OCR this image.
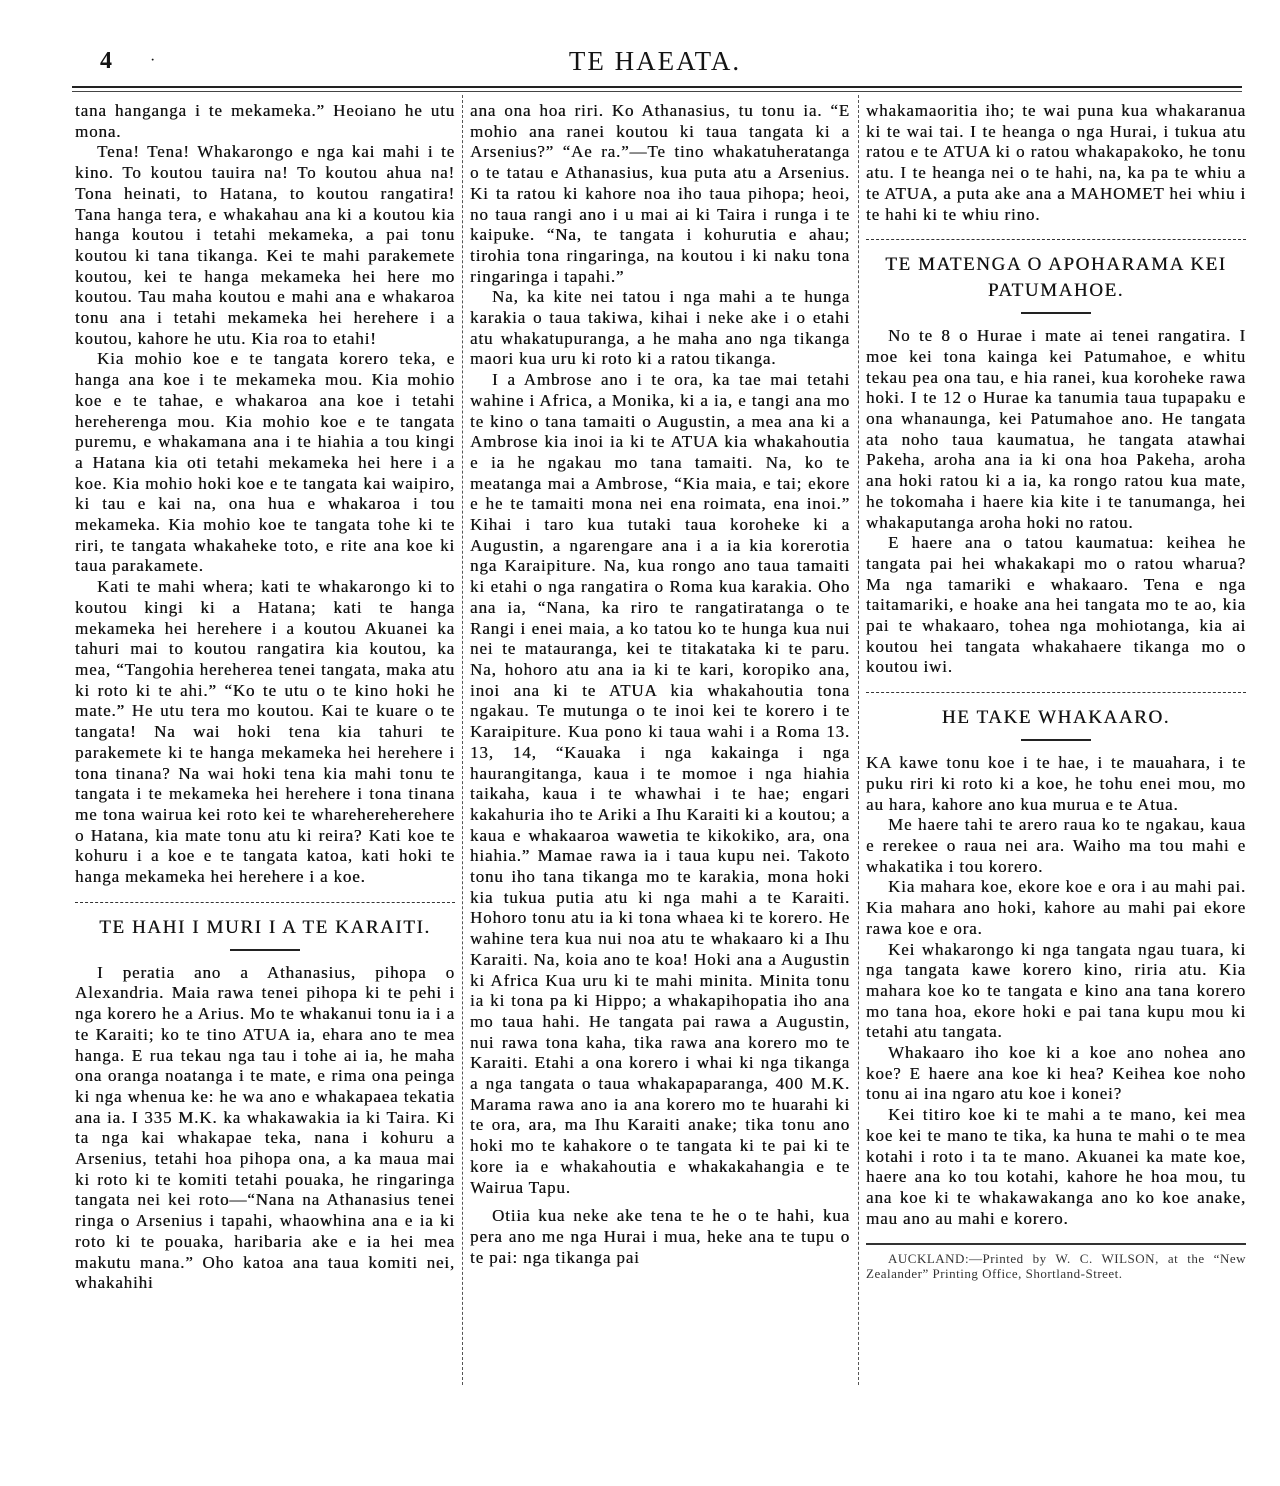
4 ·	TE HAEATA.

tana hanganga i te mekameka.” Heoiano he utu mona.

Tena! Tena! Whakarongo e nga kai mahi i te kino. To koutou tauira na! To koutou ahua na! Tona heinati, to Hatana, to koutou rangatira! Tana hanga tera, e whakahau ana ki a koutou kia hanga koutou i tetahi mekameka, a pai tonu koutou ki tana tikanga. Kei te mahi parakemete koutou, kei te hanga mekameka hei here mo koutou. Tau maha koutou e mahi ana e whakaroa tonu ana i tetahi mekameka hei herehere i a koutou, kahore he utu. Kia roa to etahi!

Kia mohio koe e te tangata korero teka, e hanga ana koe i te mekameka mou. Kia mohio koe e te tahae, e whakaroa ana koe i tetahi hereherenga mou. Kia mohio koe e te tangata puremu, e whakamana ana i te hiahia a tou kingi a Hatana kia oti tetahi mekameka hei here i a koe. Kia mohio hoki koe e te tangata kai waipiro, ki tau e kai na, ona hua e whakaroa i tou mekameka. Kia mohio koe te tangata tohe ki te riri, te tangata whakaheke toto, e rite ana koe ki taua parakamete.

Kati te mahi whera; kati te whakarongo ki to koutou kingi ki a Hatana; kati te hanga mekameka hei herehere i a koutou Akuanei ka tahuri mai to koutou rangatira kia koutou, ka mea, “Tangohia hereherea tenei tangata, maka atu ki roto ki te ahi.” “Ko te utu o te kino hoki he mate.” He utu tera mo koutou. Kai te kuare o te tangata! Na wai hoki tena kia tahuri te parakemete ki te hanga mekameka hei herehere i tona tinana? Na wai hoki tena kia mahi tonu te tangata i te mekameka hei herehere i tona tinana me tona wairua kei roto kei te wharehereherehere o Hatana, kia mate tonu atu ki reira? Kati koe te kohuru i a koe e te tangata katoa, kati hoki te hanga mekameka hei herehere i a koe.

TE HAHI I MURI I A TE KARAITI.

I peratia ano a Athanasius, pihopa o Alexandria. Maia rawa tenei pihopa ki te pehi i nga korero he a Arius. Mo te whakanui tonu ia i a te Karaiti; ko te tino ATUA ia, ehara ano te mea hanga. E rua tekau nga tau i tohe ai ia, he maha ona oranga noatanga i te mate, e rima ona peinga ki nga whenua ke: he wa ano e whakapaea tekatia ana ia. I 335 M.K. ka whakawakia ia ki Taira. Ki ta nga kai whakapae teka, nana i kohuru a Arsenius, tetahi hoa pihopa ona, a ka maua mai ki roto ki te komiti tetahi pouaka, he ringaringa tangata nei kei roto—“Nana na Athanasius tenei ringa o Arsenius i tapahi, whaowhina ana e ia ki roto ki te pouaka, haribaria ake e ia hei mea makutu mana.” Oho katoa ana taua komiti nei, whakahihi

ana ona hoa riri. Ko Athanasius, tu tonu ia. “E mohio ana ranei koutou ki taua tangata ki a Arsenius?” “Ae ra.”—Te tino whakatuheratanga o te tatau e Athanasius, kua puta atu a Arsenius. Ki ta ratou ki kahore noa iho taua pihopa; heoi, no taua rangi ano i u mai ai ki Taira i runga i te kaipuke. “Na, te tangata i kohurutia e ahau; tirohia tona ringaringa, na koutou i ki naku tona ringaringa i tapahi.”

Na, ka kite nei tatou i nga mahi a te hunga karakia o taua takiwa, kihai i neke ake i o etahi atu whakatupuranga, a he maha ano nga tikanga maori kua uru ki roto ki a ratou tikanga.

I a Ambrose ano i te ora, ka tae mai tetahi wahine i Africa, a Monika, ki a ia, e tangi ana mo te kino o tana tamaiti o Augustin, a mea ana ki a Ambrose kia inoi ia ki te ATUA kia whakahoutia e ia he ngakau mo tana tamaiti. Na, ko te meatanga mai a Ambrose, “Kia maia, e tai; ekore e he te tamaiti mona nei ena roimata, ena inoi.” Kihai i taro kua tutaki taua koroheke ki a Augustin, a ngarengare ana i a ia kia korerotia nga Karaipiture. Na, kua rongo ano taua tamaiti ki etahi o nga rangatira o Roma kua karakia. Oho ana ia, “Nana, ka riro te rangatiratanga o te Rangi i enei maia, a ko tatou ko te hunga kua nui nei te matauranga, kei te titakataka ki te paru. Na, hohoro atu ana ia ki te kari, koropiko ana, inoi ana ki te ATUA kia whakahoutia tona ngakau. Te mutunga o te inoi kei te korero i te Karaipiture. Kua pono ki taua wahi i a Roma 13. 13, 14, “Kauaka i nga kakainga i nga haurangitanga, kaua i te momoe i nga hiahia taikaha, kaua i te whawhai i te hae; engari kakahuria iho te Ariki a Ihu Karaiti ki a koutou; a kaua e whakaaroa wawetia te kikokiko, ara, ona hiahia.” Mamae rawa ia i taua kupu nei. Takoto tonu iho tana tikanga mo te karakia, mona hoki kia tukua putia atu ki nga mahi a te Karaiti. Hohoro tonu atu ia ki tona whaea ki te korero. He wahine tera kua nui noa atu te whakaaro ki a Ihu Karaiti. Na, koia ano te koa! Hoki ana a Augustin ki Africa Kua uru ki te mahi minita. Minita tonu ia ki tona pa ki Hippo; a whakapihopatia iho ana mo taua hahi. He tangata pai rawa a Augustin, nui rawa tona kaha, tika rawa ana korero mo te Karaiti. Etahi a ona korero i whai ki nga tikanga a nga tangata o taua whakapaparanga, 400 M.K. Marama rawa ano ia ana korero mo te huarahi ki te ora, ara, ma Ihu Karaiti anake; tika tonu ano hoki mo te kahakore o te tangata ki te pai ki te kore ia e whakahoutia e whakakahangia e te Wairua Tapu.

Otiia kua neke ake tena te he o te hahi, kua pera ano me nga Hurai i mua, heke ana te tupu o te pai: nga tikanga pai

whakamaoritia iho; te wai puna kua whakaranua ki te wai tai. I te heanga o nga Hurai, i tukua atu ratou e te ATUA ki o ratou whakapakoko, he tonu atu. I te heanga nei o te hahi, na, ka pa te whiu a te ATUA, a puta ake ana a MAHOMET hei whiu i te hahi ki te whiu rino.

TE MATENGA O APOHARAMA KEI PATUMAHOE.

No te 8 o Hurae i mate ai tenei rangatira. I moe kei tona kainga kei Patumahoe, e whitu tekau pea ona tau, e hia ranei, kua koroheke rawa hoki. I te 12 o Hurae ka tanumia taua tupapaku e ona whanaunga, kei Patumahoe ano. He tangata ata noho taua kaumatua, he tangata atawhai Pakeha, aroha ana ia ki ona hoa Pakeha, aroha ana hoki ratou ki a ia, ka rongo ratou kua mate, he tokomaha i haere kia kite i te tanumanga, hei whakaputanga aroha hoki no ratou.

E haere ana o tatou kaumatua: keihea he tangata pai hei whakakapi mo o ratou wharua? Ma nga tamariki e whakaaro. Tena e nga taitamariki, e hoake ana hei tangata mo te ao, kia pai te whakaaro, tohea nga mohiotanga, kia ai koutou hei tangata whakahaere tikanga mo o koutou iwi.

HE TAKE WHAKAARO.

KA kawe tonu koe i te hae, i te mauahara, i te puku riri ki roto ki a koe, he tohu enei mou, mo au hara, kahore ano kua murua e te Atua.

Me haere tahi te arero raua ko te ngakau, kaua e rerekee o raua nei ara. Waiho ma tou mahi e whakatika i tou korero.

Kia mahara koe, ekore koe e ora i au mahi pai. Kia mahara ano hoki, kahore au mahi pai ekore rawa koe e ora.

Kei whakarongo ki nga tangata ngau tuara, ki nga tangata kawe korero kino, riria atu. Kia mahara koe ko te tangata e kino ana tana korero mo tana hoa, ekore hoki e pai tana kupu mou ki tetahi atu tangata.

Whakaaro iho koe ki a koe ano nohea ano koe? E haere ana koe ki hea? Keihea koe noho tonu ai ina ngaro atu koe i konei?

Kei titiro koe ki te mahi a te mano, kei mea koe kei te mano te tika, ka huna te mahi o te mea kotahi i roto i ta te mano. Akuanei ka mate koe, haere ana ko tou kotahi, kahore he hoa mou, tu ana koe ki te whakawakanga ano ko koe anake, mau ano au mahi e korero.

AUCKLAND:—Printed by W. C. WILSON, at the “New Zealander” Printing Office, Shortland-Street.
